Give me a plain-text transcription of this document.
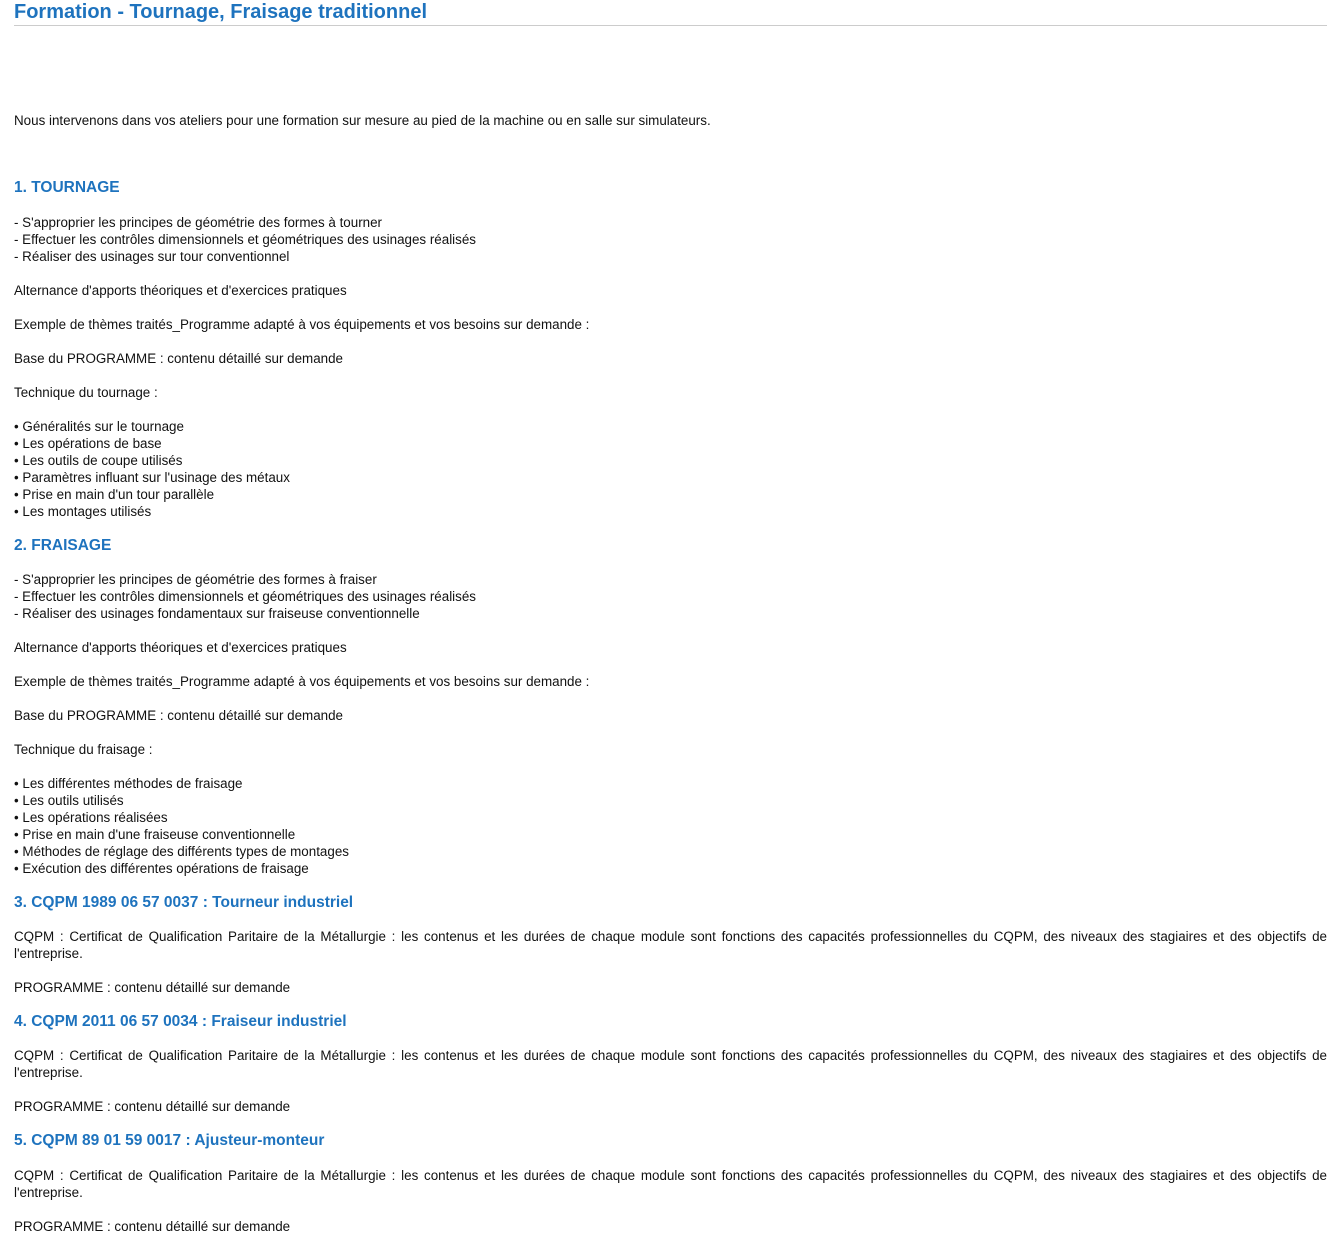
Formation - Tournage, Fraisage traditionnel

Nous intervenons dans vos ateliers pour une formation sur mesure au pied de la machine ou en salle sur simulateurs.

1. TOURNAGE

- S'approprier les principes de géométrie des formes à tourner

- Effectuer les contrôles dimensionnels et géométriques des usinages réalisés

- Réaliser des usinages sur tour conventionnel

Alternance d'apports théoriques et d'exercices pratiques

Exemple de thèmes traités_Programme adapté à vos équipements et vos besoins sur demande :

Base du PROGRAMME : contenu détaillé sur demande

Technique du tournage :

• Généralités sur le tournage

• Les opérations de base

• Les outils de coupe utilisés

• Paramètres influant sur l'usinage des métaux

• Prise en main d'un tour parallèle

• Les montages utilisés

2. FRAISAGE

- S'approprier les principes de géométrie des formes à fraiser

- Effectuer les contrôles dimensionnels et géométriques des usinages réalisés

- Réaliser des usinages fondamentaux sur fraiseuse conventionnelle

Alternance d'apports théoriques et d'exercices pratiques

Exemple de thèmes traités_Programme adapté à vos équipements et vos besoins sur demande :

Base du PROGRAMME : contenu détaillé sur demande

Technique du fraisage :

• Les différentes méthodes de fraisage

• Les outils utilisés

• Les opérations réalisées

• Prise en main d'une fraiseuse conventionnelle

• Méthodes de réglage des différents types de montages

• Exécution des différentes opérations de fraisage

3. CQPM 1989 06 57 0037 : Tourneur industriel

CQPM : Certificat de Qualification Paritaire de la Métallurgie : les contenus et les durées de chaque module sont fonctions des capacités professionnelles du CQPM, des niveaux des stagiaires et des objectifs de l'entreprise.

PROGRAMME : contenu détaillé sur demande

4. CQPM 2011 06 57 0034 : Fraiseur industriel

CQPM : Certificat de Qualification Paritaire de la Métallurgie : les contenus et les durées de chaque module sont fonctions des capacités professionnelles du CQPM, des niveaux des stagiaires et des objectifs de l'entreprise.

PROGRAMME : contenu détaillé sur demande

5. CQPM 89 01 59 0017 : Ajusteur-monteur

CQPM : Certificat de Qualification Paritaire de la Métallurgie : les contenus et les durées de chaque module sont fonctions des capacités professionnelles du CQPM, des niveaux des stagiaires et des objectifs de l'entreprise.

PROGRAMME : contenu détaillé sur demande
